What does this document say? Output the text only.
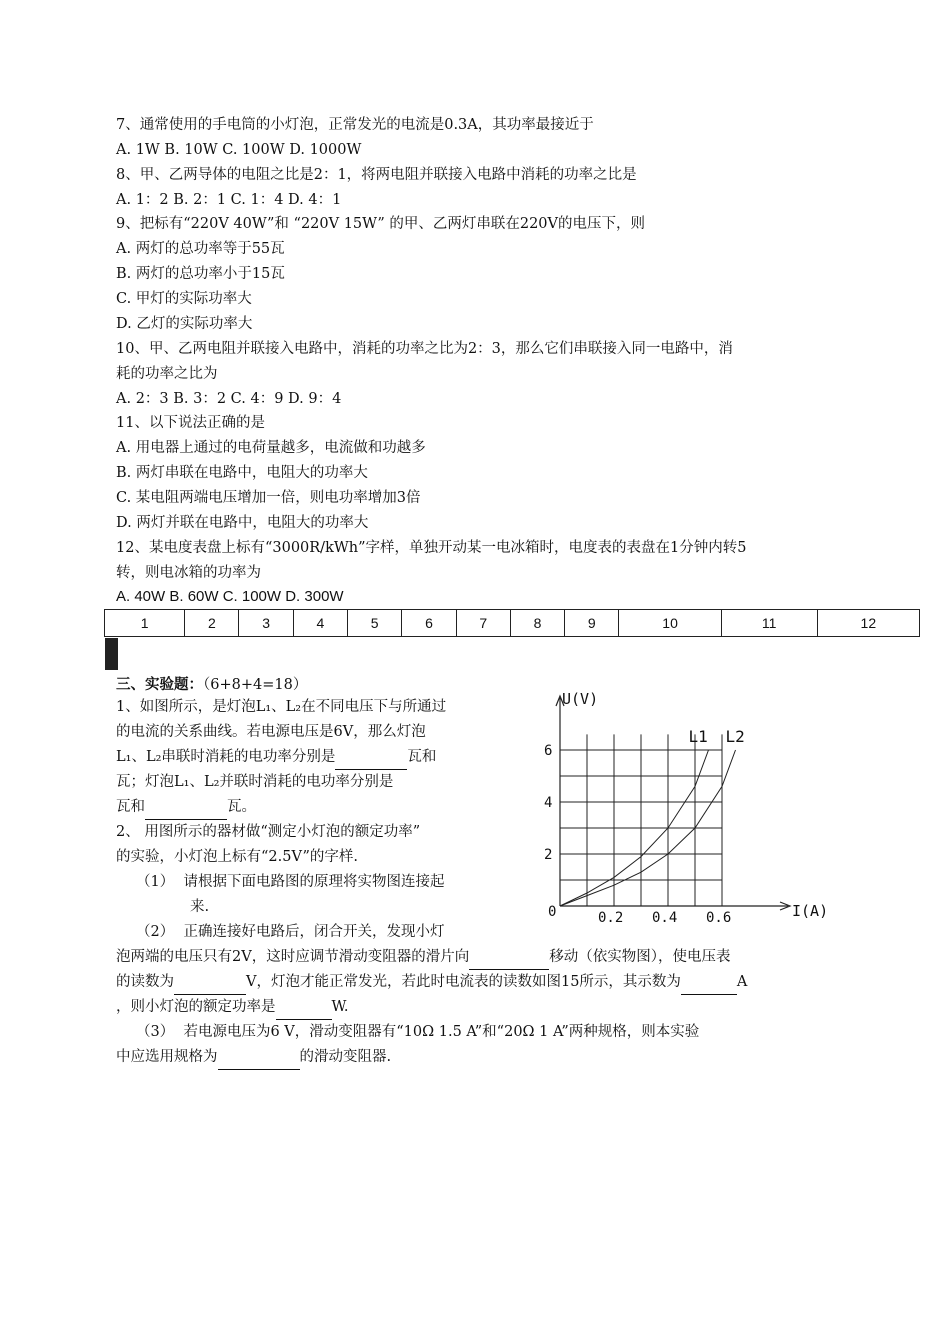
7、通常使用的手电筒的小灯泡，正常发光的电流是0.3A，其功率最接近于
A. 1W B. 10W C. 100W D. 1000W
8、甲、乙两导体的电阻之比是2：1，将两电阻并联接入电路中消耗的功率之比是
A. 1：2 B. 2：1 C. 1：4 D. 4：1
9、把标有“220V 40W”和 “220V 15W” 的甲、乙两灯串联在220V的电压下，则
A. 两灯的总功率等于55瓦
B. 两灯的总功率小于15瓦
C. 甲灯的实际功率大
D. 乙灯的实际功率大
10、甲、乙两电阻并联接入电路中，消耗的功率之比为2：3，那么它们串联接入同一电路中，消
耗的功率之比为
A. 2：3 B. 3：2 C. 4：9 D. 9：4
11、以下说法正确的是
A. 用电器上通过的电荷量越多，电流做和功越多
B. 两灯串联在电路中，电阻大的功率大
C. 某电阻两端电压增加一倍，则电功率增加3倍
D. 两灯并联在电路中，电阻大的功率大
12、某电度表盘上标有“3000R/kWh”字样，单独开动某一电冰箱时，电度表的表盘在1分钟内转5
转，则电冰箱的功率为
A. 40W B. 60W C. 100W D. 300W
1	2	3	4	5	6	7	8	9	10	11	12

三、实验题：（6+8+4=18）
1、如图所示，是灯泡L₁、L₂在不同电压下与所通过
的电流的关系曲线。若电源电压是6V，那么灯泡
L₁、L₂串联时消耗的电功率分别是	瓦和
瓦；灯泡L₁、L₂并联时消耗的电功率分别是
瓦和	瓦。
2、 用图所示的器材做“测定小灯泡的额定功率”
的实验，小灯泡上标有“2.5V”的字样.
（1） 请根据下面电路图的原理将实物图连接起
来.
（2） 正确连接好电路后，闭合开关，发现小灯
泡两端的电压只有2V，这时应调节滑动变阻器的滑片向	移动（依实物图），使电压表
的读数为	V，灯泡才能正常发光，若此时电流表的读数如图15所示，其示数为	A
，则小灯泡的额定功率是	W.
（3） 若电源电压为6 V，滑动变阻器有“10Ω 1.5 A”和“20Ω 1 A”两种规格，则本实验
中应选用规格为	的滑动变阻器.
L1 L2
U(V)
I(A)
0	0.2 0.4 0.6
2
4
6
